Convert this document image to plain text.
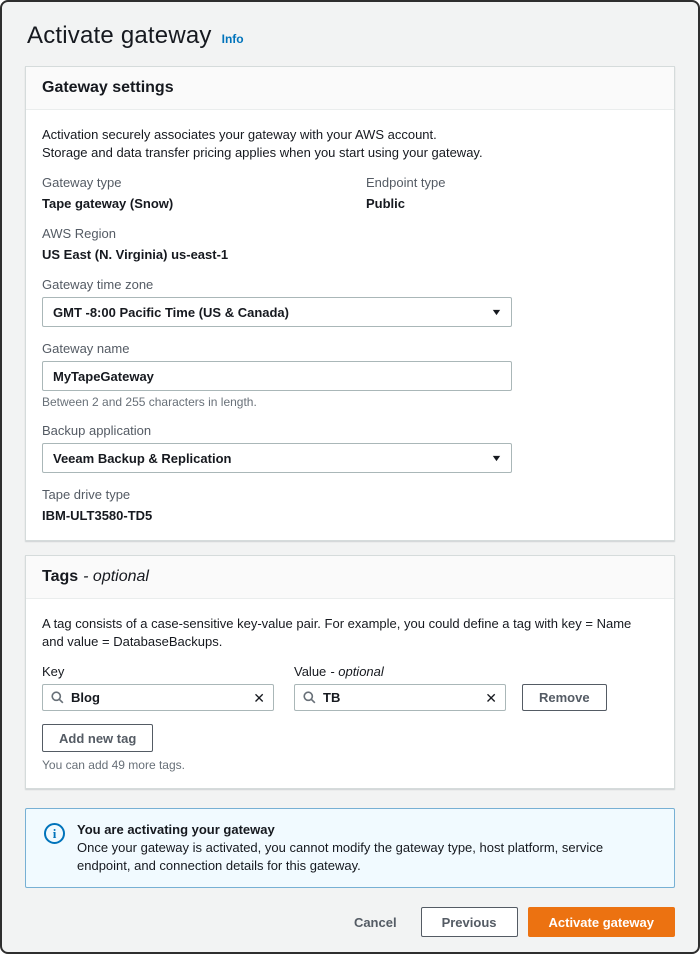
Activate gateway Info
Gateway settings

Activation securely associates your gateway with your AWS account.
Storage and data transfer pricing applies when you start using your gateway.

Gateway type
Tape gateway (Snow)
Endpoint type
Public
AWS Region
US East (N. Virginia) us-east-1
Gateway time zone
GMT -8:00 Pacific Time (US & Canada)	▼
Gateway name
MyTapeGateway
Between 2 and 255 characters in length.
Backup application
Veeam Backup & Replication	▼
Tape drive type
IBM-ULT3580-TD5
Tags - optional

A tag consists of a case-sensitive key-value pair. For example, you could define a tag with key = Name and value = DatabaseBackups.

Key
Blog
✕
Value - optional
TB
✕	Remove
Add new tag
You can add 49 more tags.
i	You are activating your gateway
Once your gateway is activated, you cannot modify the gateway type, host platform, service endpoint, and connection details for this gateway.
Cancel	Previous	Activate gateway
